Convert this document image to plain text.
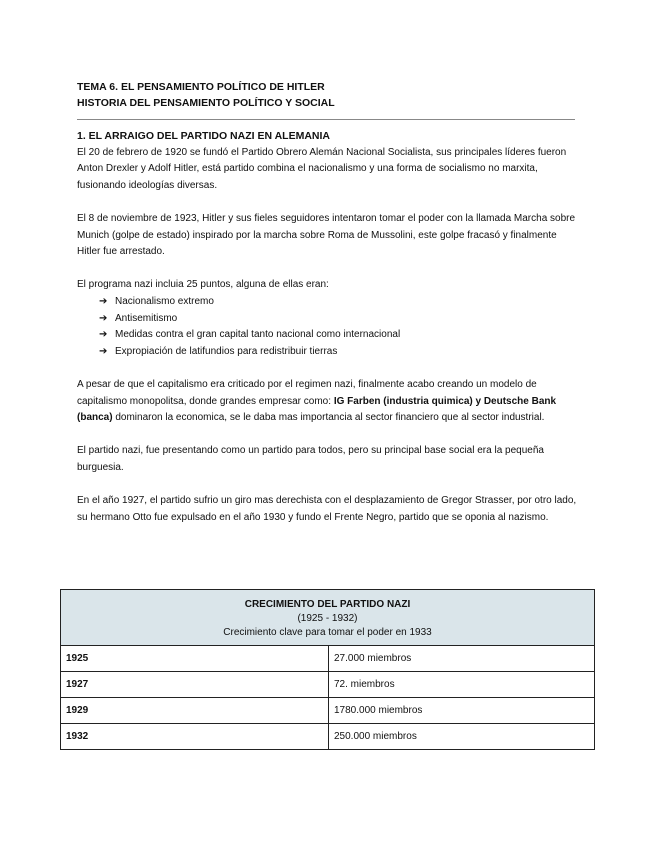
TEMA 6. EL PENSAMIENTO POLÍTICO DE HITLER
HISTORIA DEL PENSAMIENTO POLÍTICO Y SOCIAL

1. EL ARRAIGO DEL PARTIDO NAZI EN ALEMANIA

El 20 de febrero de 1920 se fundó el Partido Obrero Alemán Nacional Socialista, sus principales líderes fueron Anton Drexler y Adolf Hitler, está partido combina el nacionalismo y una forma de socialismo no marxita, fusionando ideologías diversas.

El 8 de noviembre de 1923, Hitler y sus fieles seguidores intentaron tomar el poder con la llamada Marcha sobre Munich (golpe de estado) inspirado por la marcha sobre Roma de Mussolini, este golpe fracasó y finalmente Hitler fue arrestado.

El programa nazi incluia 25 puntos, alguna de ellas eran:

➔ Nacionalismo extremo
➔ Antisemitismo
➔ Medidas contra el gran capital tanto nacional como internacional
➔ Expropiación de latifundios para redistribuir tierras

A pesar de que el capitalismo era criticado por el regimen nazi, finalmente acabo creando un modelo de capitalismo monopolitsa, donde grandes empresar como: IG Farben (industria quimica) y Deutsche Bank (banca) dominaron la economica, se le daba mas importancia al sector financiero que al sector industrial.

El partido nazi, fue presentando como un partido para todos, pero su principal base social era la pequeña burguesia.

En el año 1927, el partido sufrio un giro mas derechista con el desplazamiento de Gregor Strasser, por otro lado, su hermano Otto fue expulsado en el año 1930 y fundo el Frente Negro, partido que se oponia al nazismo.

CRECIMIENTO DEL PARTIDO NAZI
(1925 - 1932)
Crecimiento clave para tomar el poder en 1933	

1925	27.000 miembros
1927	72. miembros
1929	1780.000 miembros
1932	250.000 miembros
